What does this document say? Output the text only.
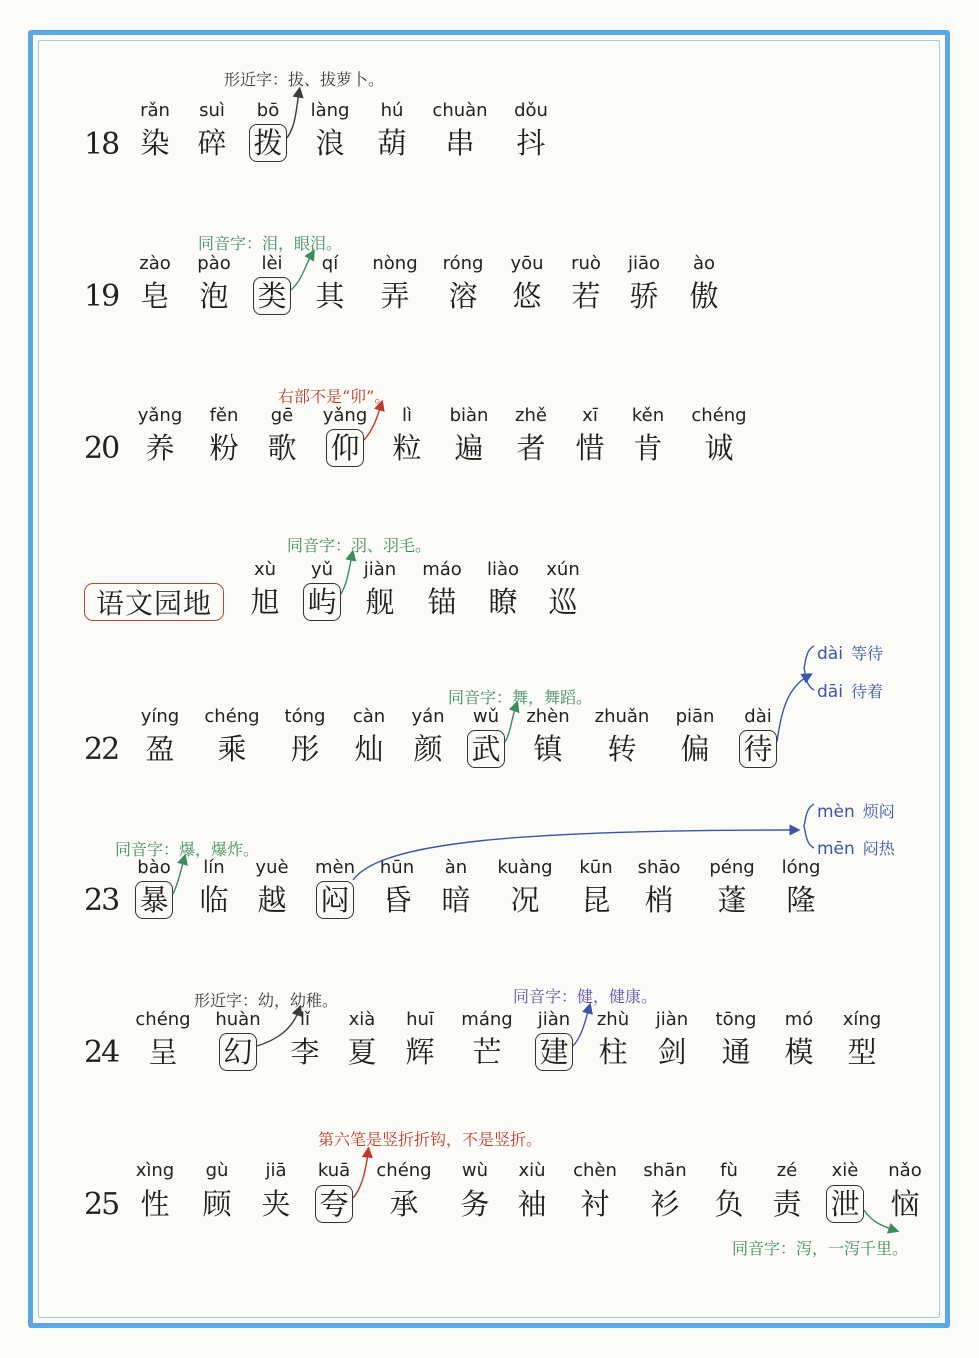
18
rǎn
染
suì
碎
bō
拨
làng
浪
hú
葫
chuàn
串
dǒu
抖
19
zào
皂
pào
泡
lèi
类
qí
其
nòng
弄
róng
溶
yōu
悠
ruò
若
jiāo
骄
ào
傲
20
yǎng
养
fěn
粉
gē
歌
yǎng
仰
lì
粒
biàn
遍
zhě
者
xī
惜
kěn
肯
chéng
诚
xù
旭
yǔ
屿
jiàn
舰
máo
锚
liào
瞭
xún
巡
22
yíng
盈
chéng
乘
tóng
彤
càn
灿
yán
颜
wǔ
武
zhèn
镇
zhuǎn
转
piān
偏
dài
待
23
bào
暴
lín
临
yuè
越
mèn
闷
hūn
昏
àn
暗
kuàng
况
kūn
昆
shāo
梢
péng
蓬
lóng
隆
24
chéng
呈
huàn
幻
lǐ
李
xià
夏
huī
辉
máng
芒
jiàn
建
zhù
柱
jiàn
剑
tōng
通
mó
模
xíng
型
25
xìng
性
gù
顾
jiā
夹
kuā
夸
chéng
承
wù
务
xiù
袖
chèn
衬
shān
衫
fù
负
zé
责
xiè
泄
nǎo
恼
语文园地
形近字：拔、拔萝卜。
同音字：泪，眼泪。
右部不是“卯”。
同音字：羽、羽毛。
同音字：舞，舞蹈。
同音字：爆，爆炸。
形近字：幼，幼稚。	同音字：健，健康。
第六笔是竖折折钩，不是竖折。
同音字：泻，一泻千里。
dài 等待
dāi 待着
mèn 烦闷
mēn 闷热
